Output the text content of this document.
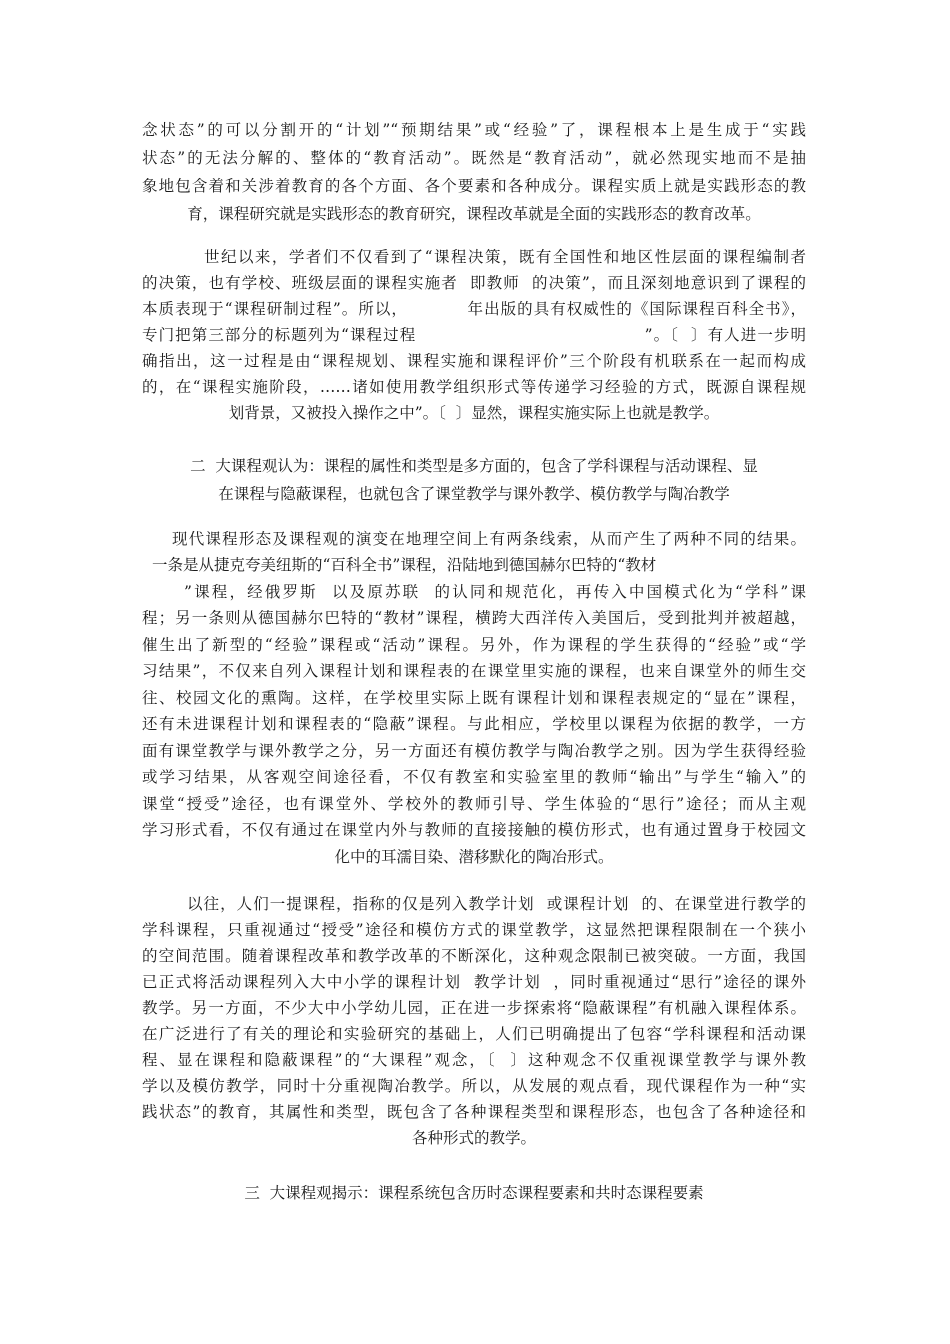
念状态”的可以分割开的“计划”“预期结果”或“经验”了，课程根本上是生成于“实践
状态”的无法分解的、整体的“教育活动”。既然是“教育活动”，就必然现实地而不是抽
象地包含着和关涉着教育的各个方面、各个要素和各种成分。课程实质上就是实践形态的教
育，课程研究就是实践形态的教育研究，课程改革就是全面的实践形态的教育改革。
世纪以来，学者们不仅看到了“课程决策，既有全国性和地区性层面的课程编制者
的决策，也有学校、班级层面的课程实施者  即教师  的决策”，而且深刻地意识到了课程的
本质表现于“课程研制过程”。所以，          年出版的具有权威性的《国际课程百科全书》，
专门把第三部分的标题列为“课程过程                                      ”。〔  〕有人进一步明
确指出，这一过程是由“课程规划、课程实施和课程评价”三个阶段有机联系在一起而构成
的，在“课程实施阶段，……诸如使用教学组织形式等传递学习经验的方式，既源自课程规
划背景，又被投入操作之中”。〔  〕显然，课程实施实际上也就是教学。
二  大课程观认为：课程的属性和类型是多方面的，包含了学科课程与活动课程、显
在课程与隐蔽课程，也就包含了课堂教学与课外教学、模仿教学与陶冶教学
现代课程形态及课程观的演变在地理空间上有两条线索，从而产生了两种不同的结果。
一条是从捷克夸美纽斯的“百科全书”课程，沿陆地到德国赫尔巴特的“教材
”课程，经俄罗斯  以及原苏联  的认同和规范化，再传入中国模式化为“学科”课
程；另一条则从德国赫尔巴特的“教材”课程，横跨大西洋传入美国后，受到批判并被超越，
催生出了新型的“经验”课程或“活动”课程。另外，作为课程的学生获得的“经验”或“学
习结果”，不仅来自列入课程计划和课程表的在课堂里实施的课程，也来自课堂外的师生交
往、校园文化的熏陶。这样，在学校里实际上既有课程计划和课程表规定的“显在”课程，
还有未进课程计划和课程表的“隐蔽”课程。与此相应，学校里以课程为依据的教学，一方
面有课堂教学与课外教学之分，另一方面还有模仿教学与陶冶教学之别。因为学生获得经验
或学习结果，从客观空间途径看，不仅有教室和实验室里的教师“输出”与学生“输入”的
课堂“授受”途径，也有课堂外、学校外的教师引导、学生体验的“思行”途径；而从主观
学习形式看，不仅有通过在课堂内外与教师的直接接触的模仿形式，也有通过置身于校园文
化中的耳濡目染、潜移默化的陶冶形式。
以往，人们一提课程，指称的仅是列入教学计划  或课程计划  的、在课堂进行教学的
学科课程，只重视通过“授受”途径和模仿方式的课堂教学，这显然把课程限制在一个狭小
的空间范围。随着课程改革和教学改革的不断深化，这种观念限制已被突破。一方面，我国
已正式将活动课程列入大中小学的课程计划  教学计划  ，同时重视通过“思行”途径的课外
教学。另一方面，不少大中小学幼儿园，正在进一步探索将“隐蔽课程”有机融入课程体系。
在广泛进行了有关的理论和实验研究的基础上，人们已明确提出了包容“学科课程和活动课
程、显在课程和隐蔽课程”的“大课程”观念，〔  〕这种观念不仅重视课堂教学与课外教
学以及模仿教学，同时十分重视陶冶教学。所以，从发展的观点看，现代课程作为一种“实
践状态”的教育，其属性和类型，既包含了各种课程类型和课程形态，也包含了各种途径和
各种形式的教学。
三  大课程观揭示：课程系统包含历时态课程要素和共时态课程要素
